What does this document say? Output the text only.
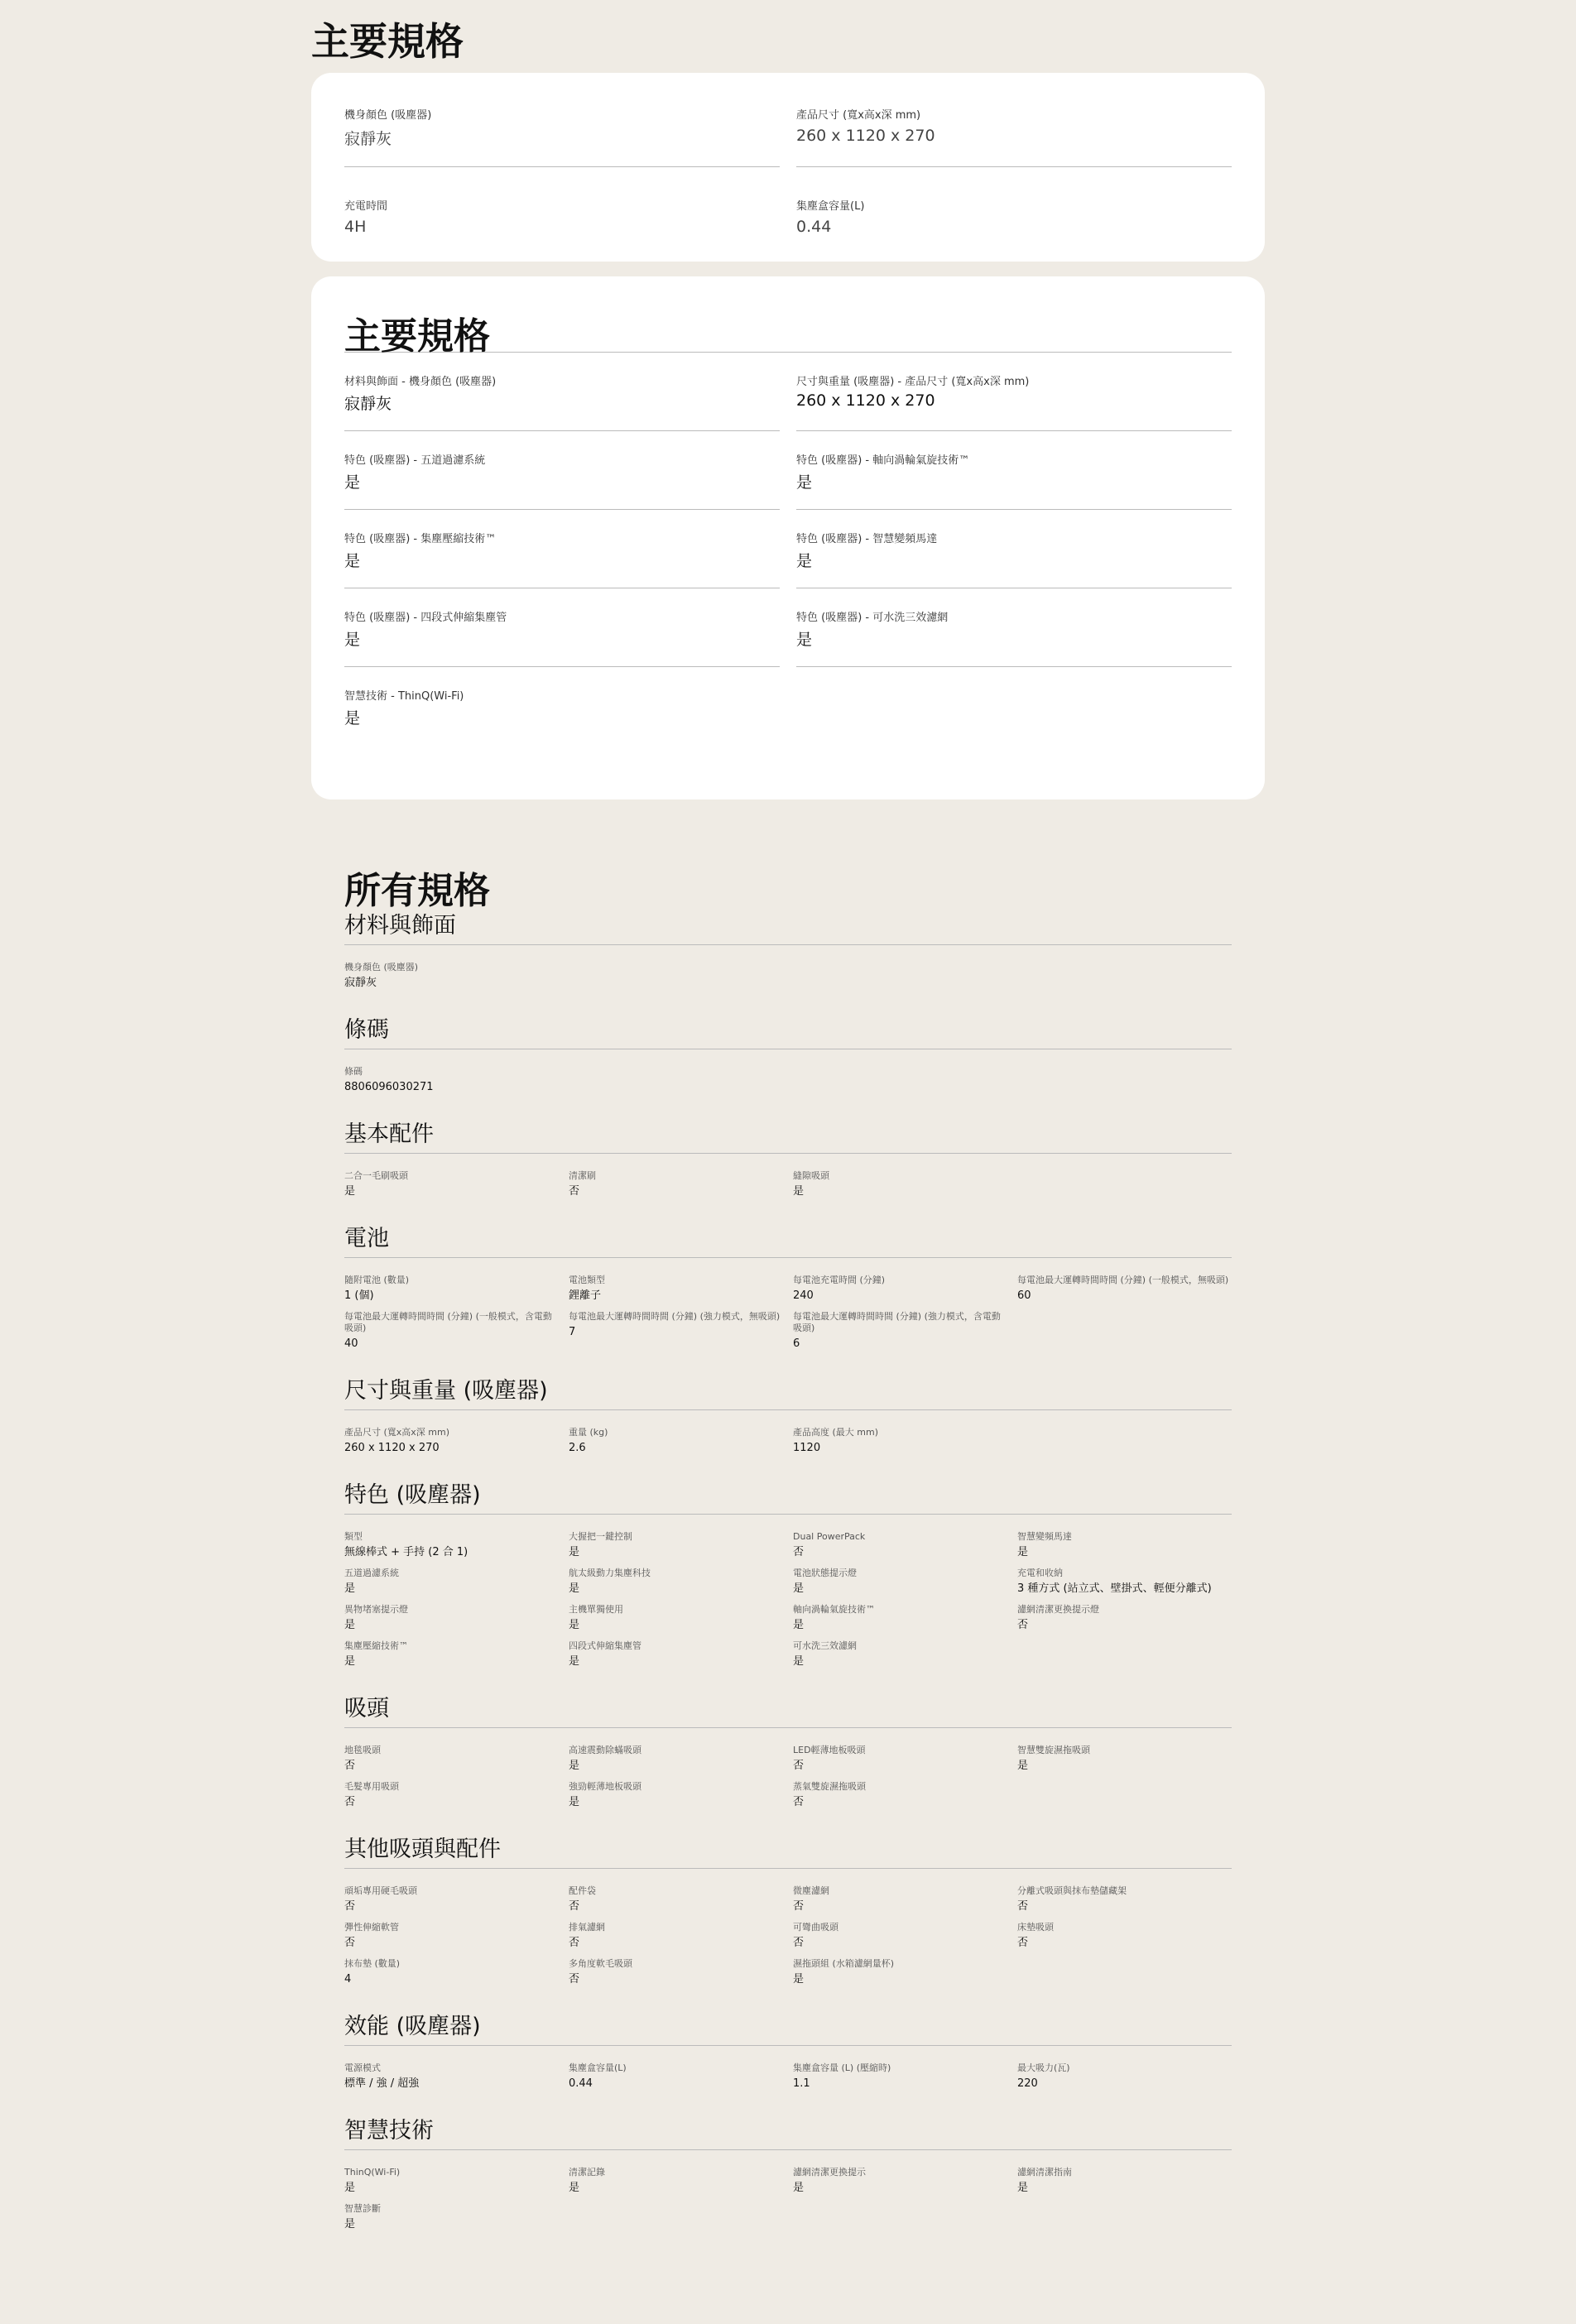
主要規格
機身顏色 (吸塵器)
寂靜灰
產品尺寸 (寬x高x深 mm)
260 x 1120 x 270
充電時間
4H
集塵盒容量(L)
0.44
主要規格
材料與飾面 - 機身顏色 (吸塵器)
寂靜灰
尺寸與重量 (吸塵器) - 產品尺寸 (寬x高x深 mm)
260 x 1120 x 270
特色 (吸塵器) - 五道過濾系統
是
特色 (吸塵器) - 軸向渦輪氣旋技術™
是
特色 (吸塵器) - 集塵壓縮技術™
是
特色 (吸塵器) - 智慧變頻馬達
是
特色 (吸塵器) - 四段式伸縮集塵管
是
特色 (吸塵器) - 可水洗三效濾網
是
智慧技術 - ThinQ(Wi-Fi)
是
所有規格
材料與飾面
機身顏色 (吸塵器)
寂靜灰
條碼
條碼
8806096030271
基本配件
二合一毛刷吸頭
是
清潔刷
否
縫隙吸頭
是
電池
隨附電池 (數量)
1 (個)
電池類型
鋰離子
每電池充電時間 (分鐘)
240
每電池最大運轉時間時間 (分鐘) (一般模式，無吸頭)
60
每電池最大運轉時間時間 (分鐘) (一般模式，含電動吸頭)
40
每電池最大運轉時間時間 (分鐘) (強力模式，無吸頭)
7
每電池最大運轉時間時間 (分鐘) (強力模式，含電動吸頭)
6
尺寸與重量 (吸塵器)
產品尺寸 (寬x高x深 mm)
260 x 1120 x 270
重量 (kg)
2.6
產品高度 (最大 mm)
1120
特色 (吸塵器)
類型
無線棒式 + 手持 (2 合 1)
大握把一鍵控制
是
Dual PowerPack
否
智慧變頻馬達
是
五道過濾系統
是
航太級動力集塵科技
是
電池狀態提示燈
是
充電和收納
3 種方式 (站立式、壁掛式、輕便分離式)
異物堵塞提示燈
是
主機單獨使用
是
軸向渦輪氣旋技術™
是
濾網清潔更換提示燈
否
集塵壓縮技術™
是
四段式伸縮集塵管
是
可水洗三效濾網
是
吸頭
地毯吸頭
否
高速震動除蟎吸頭
是
LED輕薄地板吸頭
否
智慧雙旋濕拖吸頭
是
毛髮專用吸頭
否
強勁輕薄地板吸頭
是
蒸氣雙旋濕拖吸頭
否
其他吸頭與配件
頑垢專用硬毛吸頭
否
配件袋
否
微塵濾網
否
分離式吸頭與抹布墊儲藏架
否
彈性伸縮軟管
否
排氣濾網
否
可彎曲吸頭
否
床墊吸頭
否
抹布墊 (數量)
4
多角度軟毛吸頭
否
濕拖頭組 (水箱濾網量杯)
是
效能 (吸塵器)
電源模式
標準 / 強 / 超強
集塵盒容量(L)
0.44
集塵盒容量 (L) (壓縮時)
1.1
最大吸力(瓦)
220
智慧技術
ThinQ(Wi-Fi)
是
清潔記錄
是
濾網清潔更換提示
是
濾網清潔指南
是
智慧診斷
是
